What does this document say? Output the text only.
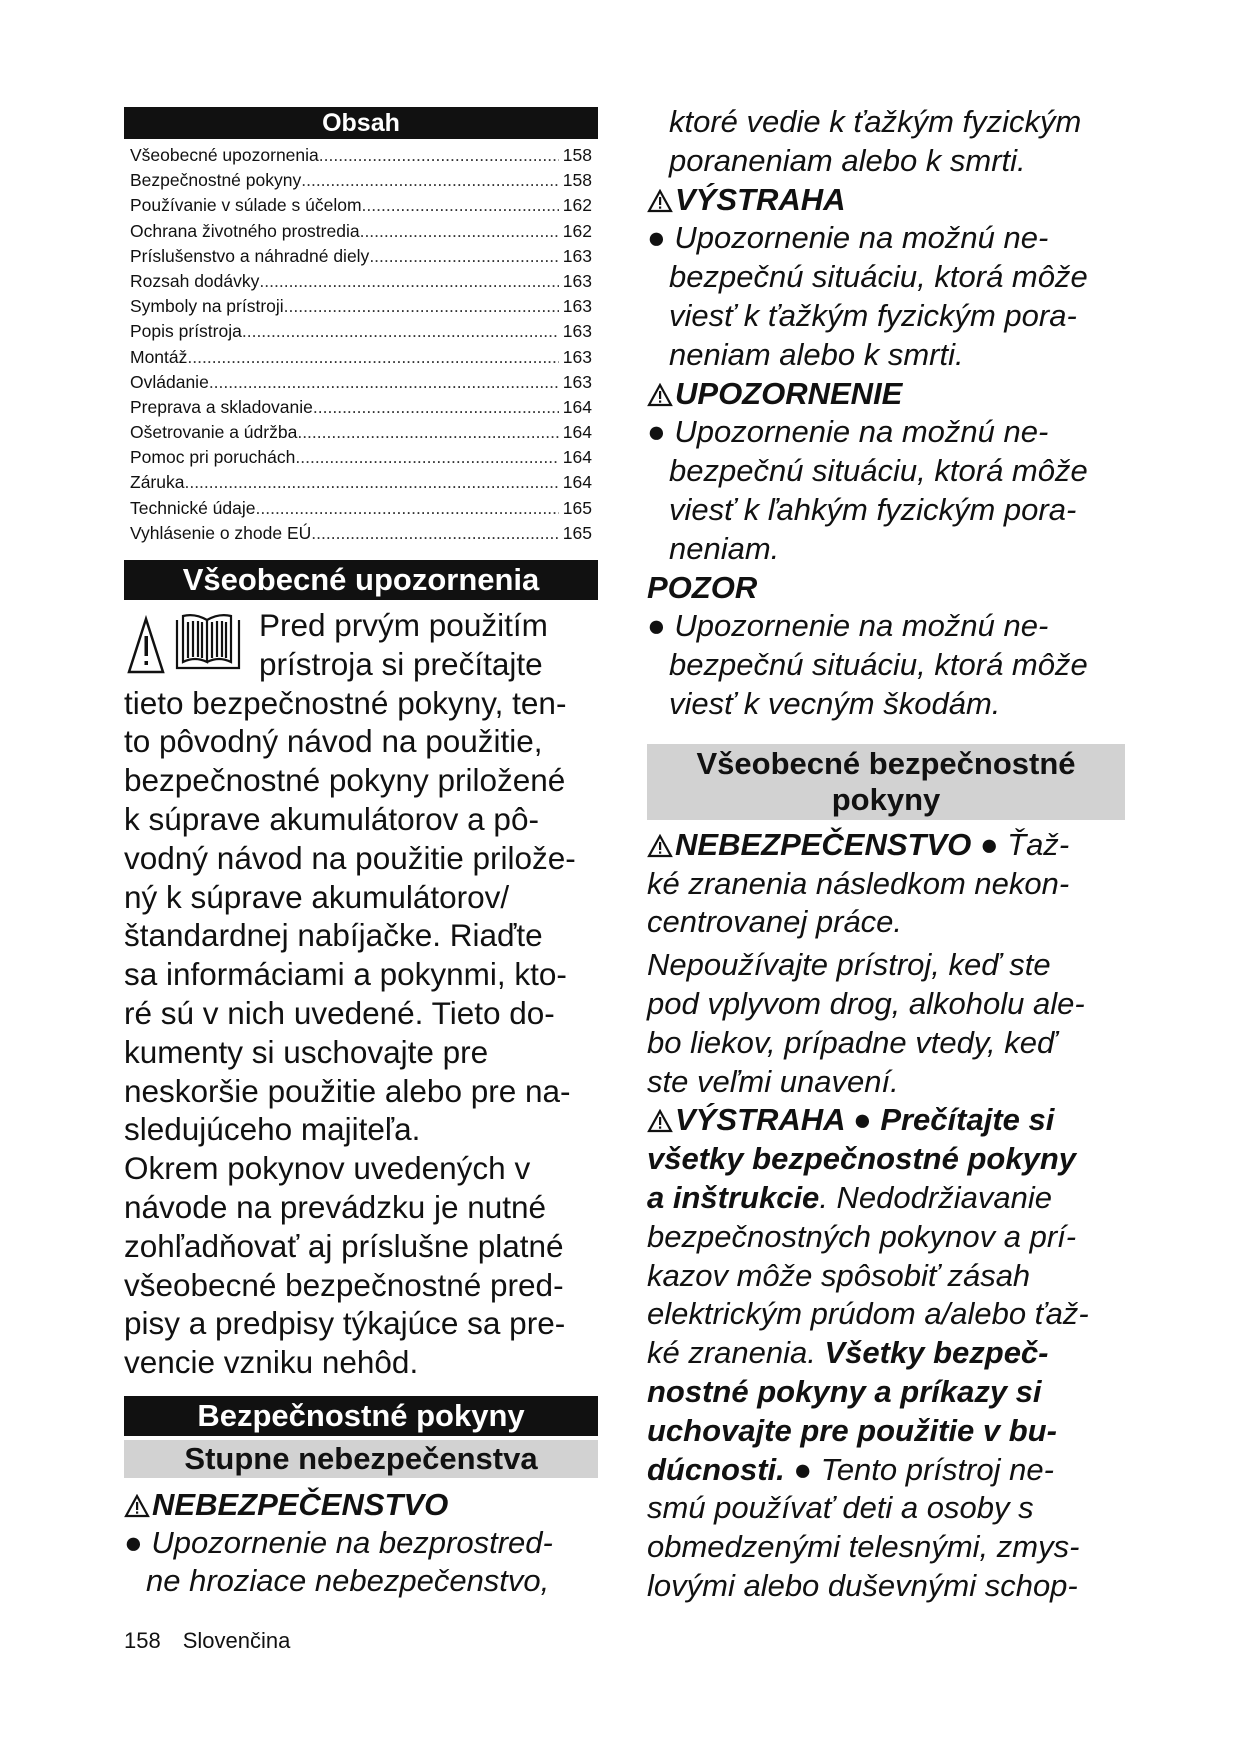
Obsah
Všeobecné upozornenia .....	158
Bezpečnostné pokyny .....	158
Používanie v súlade s účelom .....	162
Ochrana životného prostredia .....	162
Príslušenstvo a náhradné diely .....	163
Rozsah dodávky .....	163
Symboly na prístroji .....	163
Popis prístroja .....	163
Montáž .....	163
Ovládanie .....	163
Preprava a skladovanie .....	164
Ošetrovanie a údržba .....	164
Pomoc pri poruchách .....	164
Záruka .....	164
Technické údaje .....	165
Vyhlásenie o zhode EÚ .....	165
Všeobecné upozornenia

Pred prvým použitím

prístroja si prečítajte

tieto bezpečnostné pokyny, ten-

to pôvodný návod na použitie,

bezpečnostné pokyny priložené

k súprave akumulátorov a pô-

vodný návod na použitie prilože-

ný k súprave akumulátorov/

štandardnej nabíjačke. Riaďte

sa informáciami a pokynmi, kto-

ré sú v nich uvedené. Tieto do-

kumenty si uschovajte pre

neskoršie použitie alebo pre na-

sledujúceho majiteľa.

Okrem pokynov uvedených v

návode na prevádzku je nutné

zohľadňovať aj príslušne platné

všeobecné bezpečnostné pred-

pisy a predpisy týkajúce sa pre-

vencie vzniku nehôd.

Bezpečnostné pokyny
Stupne nebezpečenstva
NEBEZPEČENSTVO

● Upozornenie na bezprostred-

ne hroziace nebezpečenstvo,

ktoré vedie k ťažkým fyzickým

poraneniam alebo k smrti.

VÝSTRAHA

● Upozornenie na možnú ne-

bezpečnú situáciu, ktorá môže

viesť k ťažkým fyzickým pora-

neniam alebo k smrti.

UPOZORNENIE

● Upozornenie na možnú ne-

bezpečnú situáciu, ktorá môže

viesť k ľahkým fyzickým pora-

neniam.

POZOR

● Upozornenie na možnú ne-

bezpečnú situáciu, ktorá môže

viesť k vecným škodám.

Všeobecné bezpečnostné
pokyny

NEBEZPEČENSTVO ● Ťaž-

ké zranenia následkom nekon-

centrovanej práce.

Nepoužívajte prístroj, keď ste

pod vplyvom drog, alkoholu ale-

bo liekov, prípadne vtedy, keď

ste veľmi unavení.

VÝSTRAHA ● Prečítajte si

všetky bezpečnostné pokyny

a inštrukcie. Nedodržiavanie

bezpečnostných pokynov a prí-

kazov môže spôsobiť zásah

elektrickým prúdom a/alebo ťaž-

ké zranenia. Všetky bezpeč-

nostné pokyny a príkazy si

uchovajte pre použitie v bu-

dúcnosti. ● Tento prístroj ne-

smú používať deti a osoby s

obmedzenými telesnými, zmys-

lovými alebo duševnými schop-

158 Slovenčina
